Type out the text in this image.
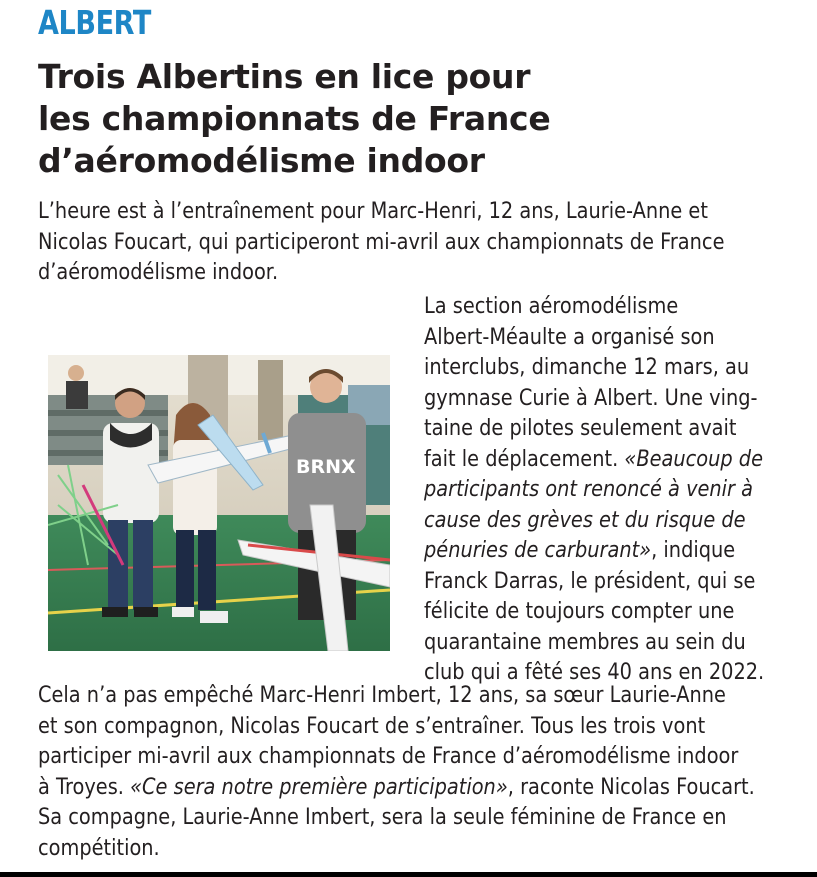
ALBERT
Trois Albertins en lice pour
les championnats de France
d’aéromodélisme indoor
L’heure est à l’entraînement pour Marc-Henri, 12 ans, Laurie-Anne et
Nicolas Foucart, qui participeront mi-avril aux championnats de France
d’aéromodélisme indoor.
BRNX
La section aéromodélisme
Albert-Méaulte a organisé son
interclubs, dimanche 12 mars, au
gymnase Curie à Albert. Une ving-
taine de pilotes seulement avait
fait le déplacement. «Beaucoup de
participants ont renoncé à venir à
cause des grèves et du risque de
pénuries de carburant», indique
Franck Darras, le président, qui se
félicite de toujours compter une
quarantaine membres au sein du
club qui a fêté ses 40 ans en 2022.
Cela n’a pas empêché Marc-Henri Imbert, 12 ans, sa sœur Laurie-Anne
et son compagnon, Nicolas Foucart de s’entraîner. Tous les trois vont
participer mi-avril aux championnats de France d’aéromodélisme indoor
à Troyes. «Ce sera notre première participation», raconte Nicolas Foucart.
Sa compagne, Laurie-Anne Imbert, sera la seule féminine de France en
compétition.
